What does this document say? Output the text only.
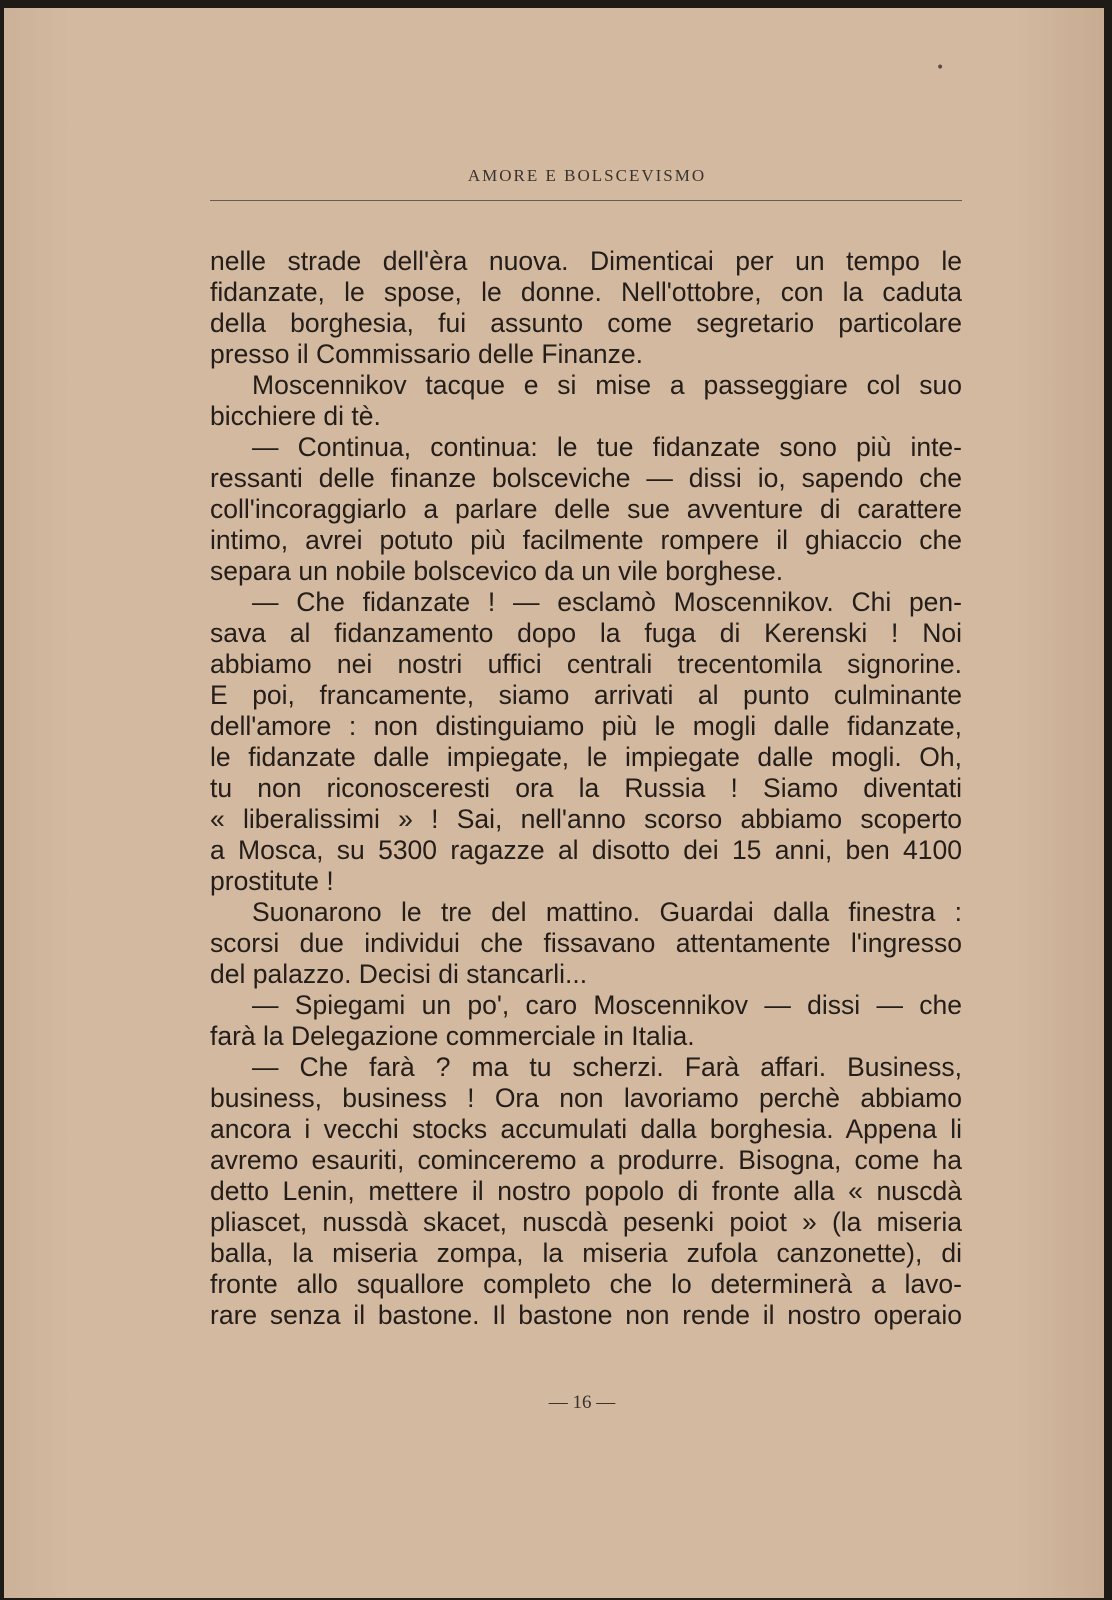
•
AMORE E BOLSCEVISMO
nelle strade dell'èra nuova. Dimenticai per un tempo le
fidanzate, le spose, le donne. Nell'ottobre, con la caduta
della borghesia, fui assunto come segretario particolare
presso il Commissario delle Finanze.
Moscennikov tacque e si mise a passeggiare col suo
bicchiere di tè.
— Continua, continua: le tue fidanzate sono più inte-
ressanti delle finanze bolsceviche — dissi io, sapendo che
coll'incoraggiarlo a parlare delle sue avventure di carattere
intimo, avrei potuto più facilmente rompere il ghiaccio che
separa un nobile bolscevico da un vile borghese.
— Che fidanzate ! — esclamò Moscennikov. Chi pen-
sava al fidanzamento dopo la fuga di Kerenski ! Noi
abbiamo nei nostri uffici centrali trecentomila signorine.
E poi, francamente, siamo arrivati al punto culminante
dell'amore : non distinguiamo più le mogli dalle fidanzate,
le fidanzate dalle impiegate, le impiegate dalle mogli. Oh,
tu non riconosceresti ora la Russia ! Siamo diventati
« liberalissimi » ! Sai, nell'anno scorso abbiamo scoperto
a Mosca, su 5300 ragazze al disotto dei 15 anni, ben 4100
prostitute !
Suonarono le tre del mattino. Guardai dalla finestra :
scorsi due individui che fissavano attentamente l'ingresso
del palazzo. Decisi di stancarli...
— Spiegami un po', caro Moscennikov — dissi — che
farà la Delegazione commerciale in Italia.
— Che farà ? ma tu scherzi. Farà affari. Business,
business, business ! Ora non lavoriamo perchè abbiamo
ancora i vecchi stocks accumulati dalla borghesia. Appena li
avremo esauriti, cominceremo a produrre. Bisogna, come ha
detto Lenin, mettere il nostro popolo di fronte alla « nuscdà
pliascet, nussdà skacet, nuscdà pesenki poiot » (la miseria
balla, la miseria zompa, la miseria zufola canzonette), di
fronte allo squallore completo che lo determinerà a lavo-
rare senza il bastone. Il bastone non rende il nostro operaio
— 16 —
